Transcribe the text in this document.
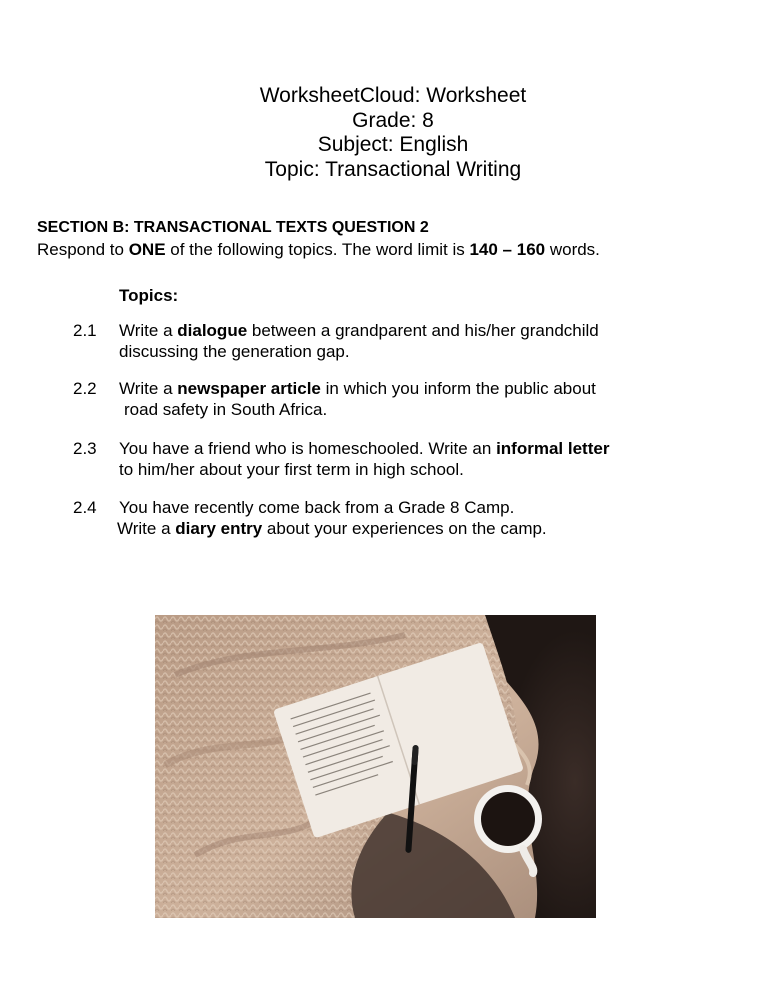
WorksheetCloud: Worksheet
Grade: 8
Subject: English
Topic: Transactional Writing
SECTION B: TRANSACTIONAL TEXTS QUESTION 2
Respond to ONE of the following topics. The word limit is 140 – 160 words.
Topics:
2.1 Write a dialogue between a grandparent and his/her grandchild
discussing the generation gap.
2.2 Write a newspaper article in which you inform the public about
road safety in South Africa.
2.3 You have a friend who is homeschooled. Write an informal letter
to him/her about your first term in high school.
2.4 You have recently come back from a Grade 8 Camp.
Write a diary entry about your experiences on the camp.
